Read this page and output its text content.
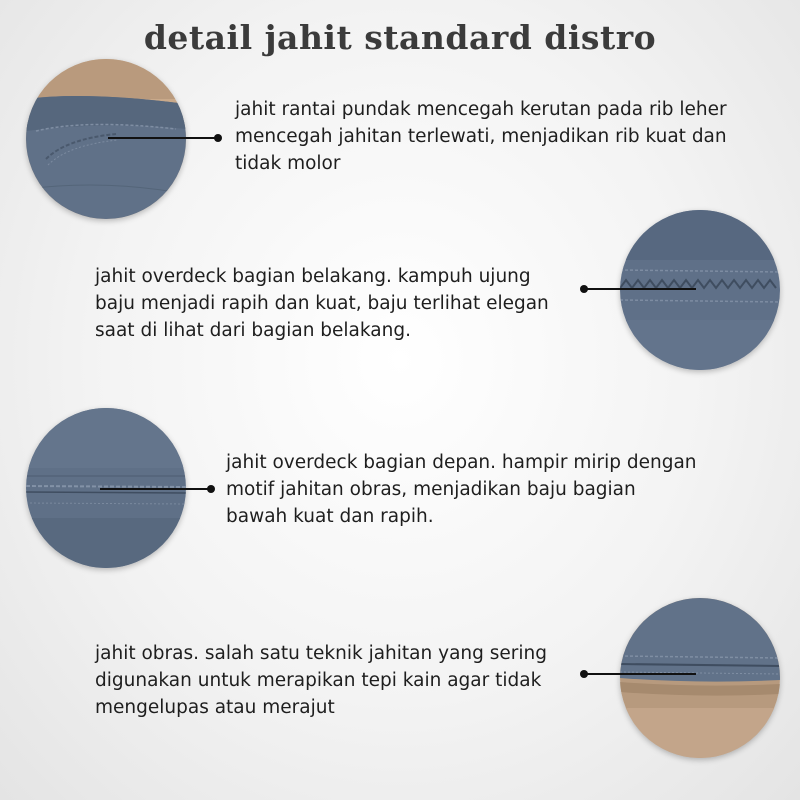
detail jahit standard distro
jahit rantai pundak mencegah kerutan pada rib leher
mencegah jahitan terlewati, menjadikan rib kuat dan
tidak molor
jahit overdeck bagian belakang. kampuh ujung
baju menjadi rapih dan kuat, baju terlihat elegan
saat di lihat dari bagian belakang.
jahit overdeck bagian depan. hampir mirip dengan
motif jahitan obras, menjadikan baju bagian
bawah kuat dan rapih.
jahit obras. salah satu teknik jahitan yang sering
digunakan untuk merapikan tepi kain agar tidak
mengelupas atau merajut
